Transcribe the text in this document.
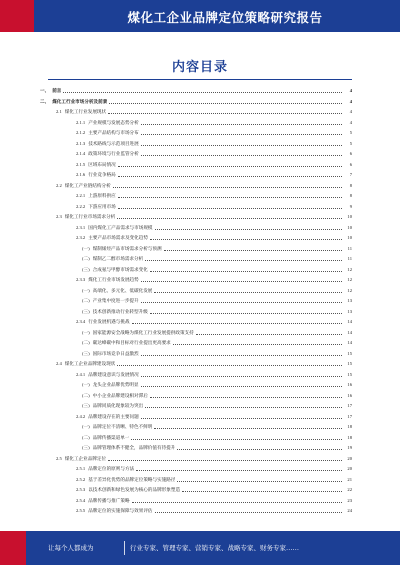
煤化工企业品牌定位策略研究报告
内容目录
一、 前言	4
二、 煤化工行业市场分析及前景	4
2.1 煤化工行业发展现状	4
2.1.1 产业规模与发展态势分析	4
2.1.2 主要产品结构与市场分布	5
2.1.3 技术路线与示范项目进展	5
2.1.4 政策环境与行业监管分析	6
2.1.5 区域布局情况	6
2.1.6 行业竞争格局	7
2.2 煤化工产业链结构分析	8
2.2.1 上游原料供应	8
2.2.2 下游应用市场	9
2.3 煤化工行业市场需求分析	10
2.3.1 国内煤化工产品需求与市场规模	10
2.3.2 主要产品市场需求及变化趋势	10
(一) 煤制烯烃产品市场需求分析与预测	11
(二) 煤制乙二醇市场需求分析	11
(三) 合成氨与甲醇市场需求变化	12
2.3.3 煤化工行业市场发展趋势	12
(一) 高端化、多元化、低碳化发展	12
(二) 产业集中度进一步提升	13
(三) 技术创新推动行业转型升级	13
2.3.4 行业发展机遇与挑战	14
(一) 国家能源安全战略为煤化工行业发展提供政策支持	14
(二) 碳达峰碳中和目标对行业提出更高要求	14
(三) 国际市场竞争日益激烈	15
2.4 煤化工企业品牌建设现状	15
2.4.1 品牌建设意识与发展情况	15
(一) 龙头企业品牌优势明显	16
(二) 中小企业品牌建设相对滞后	16
(三) 品牌同质化现象较为突出	17
2.4.2 品牌建设存在的主要问题	17
(一) 品牌定位不清晰、特色不鲜明	18
(二) 品牌传播渠道单一	18
(三) 品牌管理体系不健全，品牌价值有待提升	19
2.5 煤化工企业品牌定位	20
2.5.1 品牌定位的原则与方法	20
2.5.2 基于差异化优势的品牌定位策略与实施路径	21
2.5.3 以技术创新和绿色发展为核心的品牌形象塑造	22
2.5.4 品牌传播与推广策略	23
2.5.5 品牌定位的实施保障与效果评估	24
让每个人都成为	行业专家、管理专家、营销专家、战略专家、财务专家……
